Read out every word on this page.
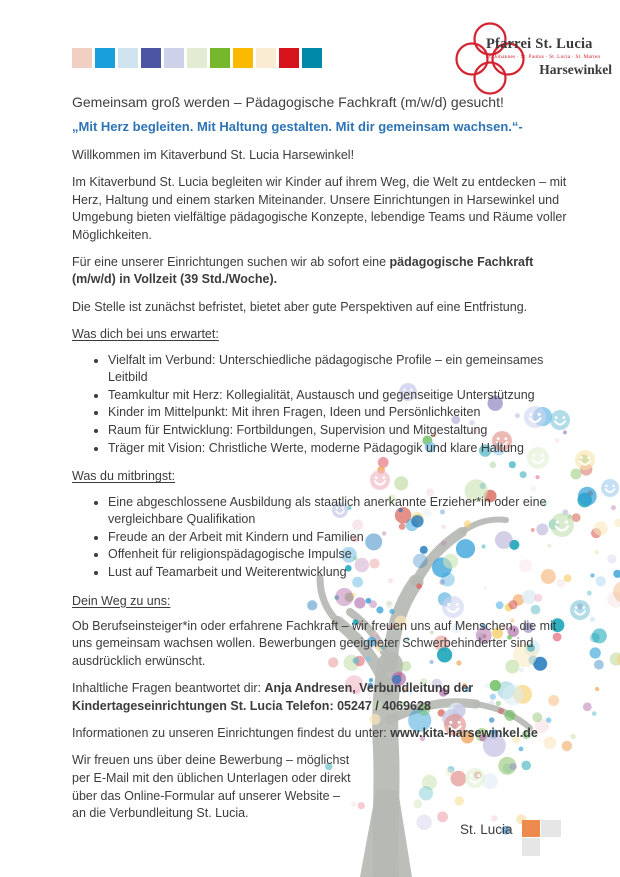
Pfarrei St. Lucia
St. Johannes · St. Paulus · St. Lucia · St. Marien
Harsewinkel
Gemeinsam groß werden – Pädagogische Fachkraft (m/w/d) gesucht!
„Mit Herz begleiten. Mit Haltung gestalten. Mit dir gemeinsam wachsen.“-

Willkommen im Kitaverbund St. Lucia Harsewinkel!

Im Kitaverbund St. Lucia begleiten wir Kinder auf ihrem Weg, die Welt zu entdecken – mit Herz, Haltung und einem starken Miteinander. Unsere Einrichtungen in Harsewinkel und Umgebung bieten vielfältige pädagogische Konzepte, lebendige Teams und Räume voller Möglichkeiten.

Für eine unserer Einrichtungen suchen wir ab sofort eine pädagogische Fachkraft (m/w/d) in Vollzeit (39 Std./Woche).

Die Stelle ist zunächst befristet, bietet aber gute Perspektiven auf eine Entfristung.

Was dich bei uns erwartet:
• Vielfalt im Verbund: Unterschiedliche pädagogische Profile – ein gemeinsames Leitbild
• Teamkultur mit Herz: Kollegialität, Austausch und gegenseitige Unterstützung
• Kinder im Mittelpunkt: Mit ihren Fragen, Ideen und Persönlichkeiten
• Raum für Entwicklung: Fortbildungen, Supervision und Mitgestaltung
• Träger mit Vision: Christliche Werte, moderne Pädagogik und klare Haltung
Was du mitbringst:
• Eine abgeschlossene Ausbildung als staatlich anerkannte Erzieher*in oder eine vergleichbare Qualifikation
• Freude an der Arbeit mit Kindern und Familien
• Offenheit für religionspädagogische Impulse
• Lust auf Teamarbeit und Weiterentwicklung
Dein Weg zu uns:

Ob Berufseinsteiger*in oder erfahrene Fachkraft – wir freuen uns auf Menschen, die mit uns gemeinsam wachsen wollen. Bewerbungen geeigneter Schwerbehinderter sind ausdrücklich erwünscht.

Inhaltliche Fragen beantwortet dir: Anja Andresen, Verbundleitung der Kindertageseinrichtungen St. Lucia Telefon: 05247 / 4069628

Informationen zu unseren Einrichtungen findest du unter: www.kita-harsewinkel.de

Wir freuen uns über deine Bewerbung – möglichst
per E-Mail mit den üblichen Unterlagen oder direkt
über das Online-Formular auf unserer Website –
an die Verbundleitung St. Lucia.
St. Lucia
